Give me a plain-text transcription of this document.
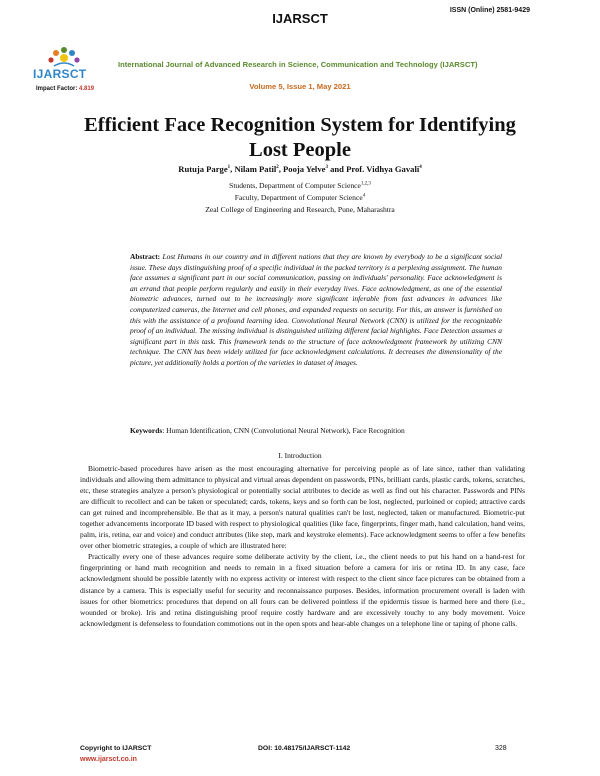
IJARSCT
ISSN (Online) 2581-9429
IJARSCT
Impact Factor: 4.819
International Journal of Advanced Research in Science, Communication and Technology (IJARSCT)
Volume 5, Issue 1, May 2021
Efficient Face Recognition System for Identifying
Lost People
Rutuja Parge$^1$, Nilam Patil$^2$, Pooja Yelve$^3$ and Prof. Vidhya Gavali$^4$
Students, Department of Computer Science$^{1,2,3}$
Faculty, Department of Computer Science$^4$
Zeal College of Engineering and Research, Pune, Maharashtra
Abstract: Lost Humans in our country and in different nations that they are known by everybody to be a significant social issue. These days distinguishing proof of a specific individual in the packed territory is a perplexing assignment. The human face assumes a significant part in our social communication, passing on individuals' personality. Face acknowledgment is an errand that people perform regularly and easily in their everyday lives. Face acknowledgment, as one of the essential biometric advances, turned out to be increasingly more significant inferable from fast advances in advances like computerized cameras, the Internet and cell phones, and expanded requests on security. For this, an answer is furnished on this with the assistance of a profound learning idea. Convolutional Neural Network (CNN) is utilized for the recognizable proof of an individual. The missing individual is distinguished utilizing different facial highlights. Face Detection assumes a significant part in this task. This framework tends to the structure of face acknowledgment framework by utilizing CNN technique. The CNN has been widely utilized for face acknowledgment calculations. It decreases the dimensionality of the picture, yet additionally holds a portion of the varieties in dataset of images.
Keywords: Human Identification, CNN (Convolutional Neural Network), Face Recognition
I. Introduction

Biometric-based procedures have arisen as the most encouraging alternative for perceiving people as of late since, rather than validating individuals and allowing them admittance to physical and virtual areas dependent on passwords, PINs, brilliant cards, plastic cards, tokens, scratches, etc, these strategies analyze a person's physiological or potentially social attributes to decide as well as find out his character. Passwords and PINs are difficult to recollect and can be taken or speculated; cards, tokens, keys and so forth can be lost, neglected, purloined or copied; attractive cards can get ruined and incomprehensible. Be that as it may, a person's natural qualities can't be lost, neglected, taken or manufactured. Biometric-put together advancements incorporate ID based with respect to physiological qualities (like face, fingerprints, finger math, hand calculation, hand veins, palm, iris, retina, ear and voice) and conduct attributes (like step, mark and keystroke elements). Face acknowledgment seems to offer a few benefits over other biometric strategies, a couple of which are illustrated here:

Practically every one of these advances require some deliberate activity by the client, i.e., the client needs to put his hand on a hand-rest for fingerprinting or hand math recognition and needs to remain in a fixed situation before a camera for iris or retina ID. In any case, face acknowledgment should be possible latently with no express activity or interest with respect to the client since face pictures can be obtained from a distance by a camera. This is especially useful for security and reconnaissance purposes. Besides, information procurement overall is laden with issues for other biometrics: procedures that depend on all fours can be delivered pointless if the epidermis tissue is harmed here and there (i.e., wounded or broke). Iris and retina distinguishing proof require costly hardware and are excessively touchy to any body movement. Voice acknowledgment is defenseless to foundation commotions out in the open spots and hear-able changes on a telephone line or taping of phone calls.

Copyright to IJARSCT
www.ijarsct.co.in
DOI: 10.48175/IJARSCT-1142	328
